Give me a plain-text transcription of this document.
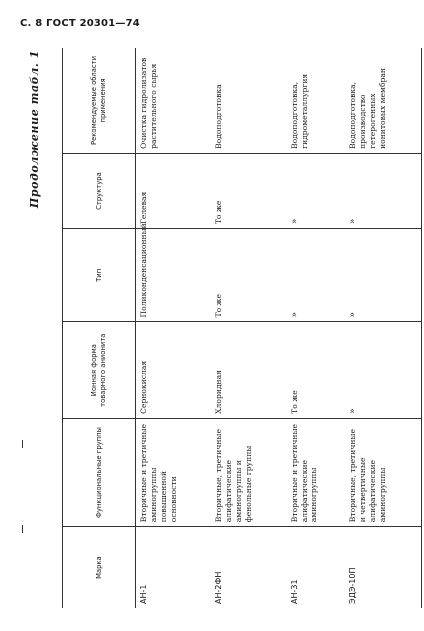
С. 8 ГОСТ 20301—74
Продолжение табл. 1
Марка	Функциональные группы	Ионная форма товарного анионита	Тип	Структура	Рекомендуемые области применения
АН-1	Вторичные и третичные аминогруппы повышенной основности	Сернокислая	Поликонденсационный	Гелевая	Очистка гидролизатов растительного сырья
АН-2ФН	Вторичные, третичные алифатические аминогруппы и фенольные группы	Хлоридная	То же	То же	Водоподготовка
АН-31	Вторичные и третичные алифатические аминогруппы	То же	»	»	Водоподготовка, гидрометаллургия
ЭДЭ-10П	Вторичные, третичные и четвертичные алифатические аминогруппы	»	»	»	Водоподготовка, производство гетерогенных ионитовых мембран
